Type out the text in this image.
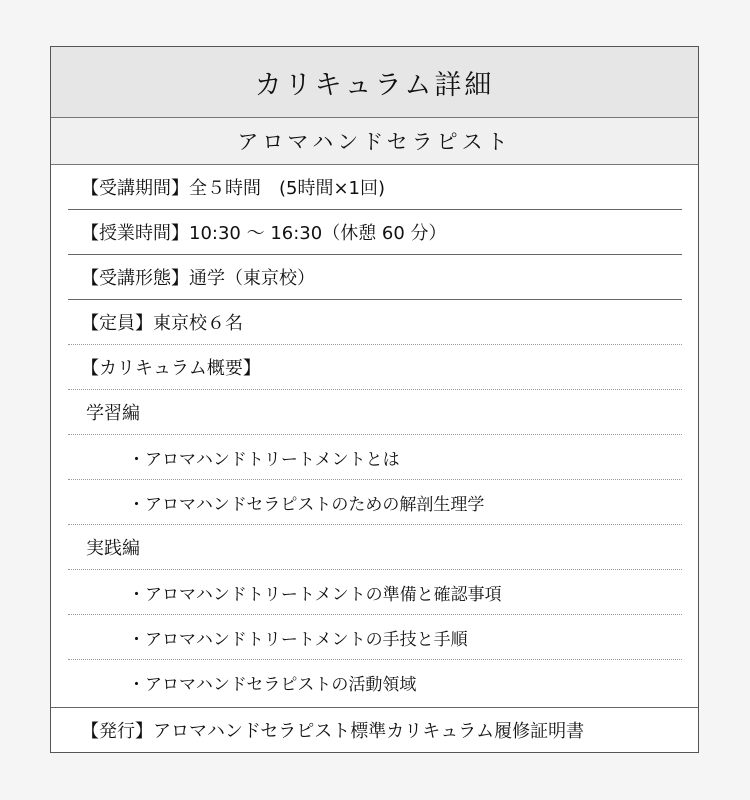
カリキュラム詳細
アロマハンドセラピスト
【受講期間】 全５時間　(5時間×1回)
【授業時間】 10:30 〜 16:30（休憩 60 分）
【受講形態】 通学（東京校）
【定員】 東京校６名
【カリキュラム概要】
学習編
・アロマハンドトリートメントとは
・アロマハンドセラピストのための解剖生理学
実践編
・アロマハンドトリートメントの準備と確認事項
・アロマハンドトリートメントの手技と手順
・アロマハンドセラピストの活動領域
【発行】 アロマハンドセラピスト標準カリキュラム履修証明書
